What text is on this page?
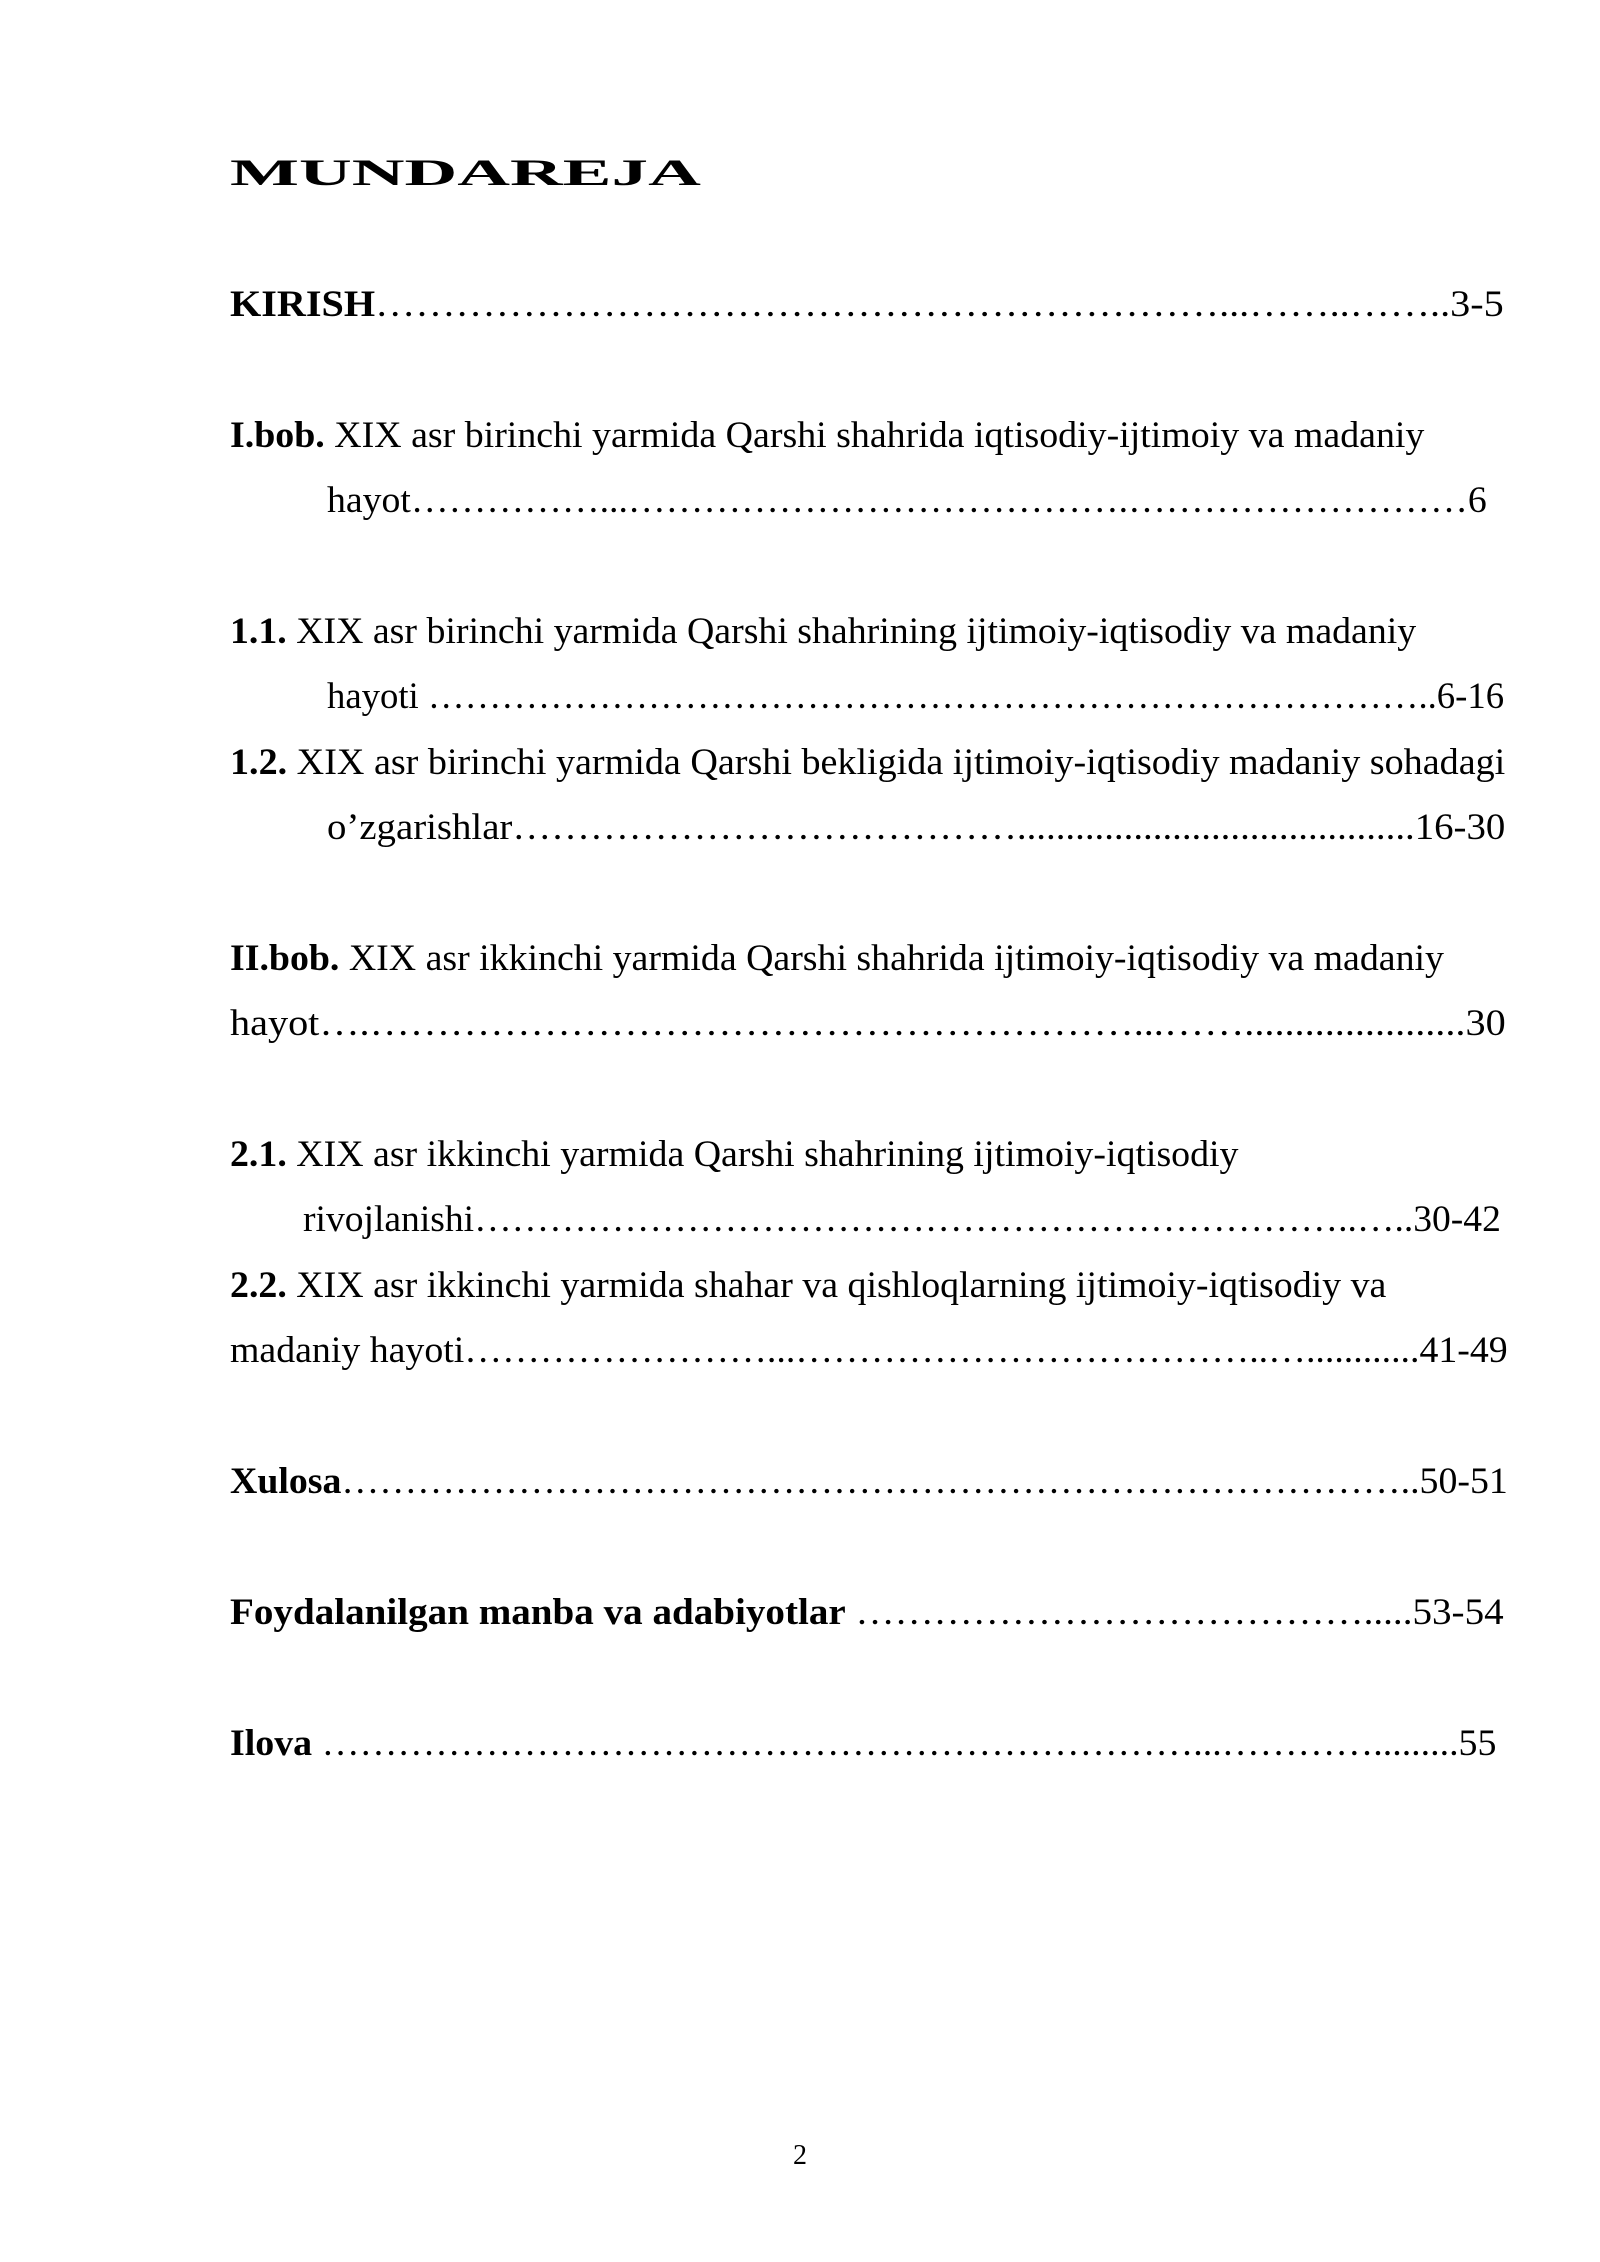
MUNDAREJA
KIRISH………………………………………………………...……..……..3-5
I.bob. XIX asr birinchi yarmida Qarshi shahrida iqtisodiy-ijtimoiy va madaniy
hayot……………...………………………………….………………………6
1.1. XIX asr birinchi yarmida Qarshi shahrining ijtimoiy-iqtisodiy va madaniy
hayoti ………………………………………………………………………..6-16
1.2. XIX asr birinchi yarmida Qarshi bekligida ijtimoiy-iqtisodiy madaniy sohadagi
o’zgarishlar………………………………….........................................16-30
II.bob. XIX asr ikkinchi yarmida Qarshi shahrida ijtimoiy-iqtisodiy va madaniy
hayot….…………………………………………………...……......................30
2.1. XIX asr ikkinchi yarmida Qarshi shahrining ijtimoiy-iqtisodiy
rivojlanishi……………………………………………………………..…..30-42
2.2. XIX asr ikkinchi yarmida shahar va qishloqlarning ijtimoiy-iqtisodiy va
madaniy hayoti……………………...………………………………..…............41-49
Xulosa…………………………………………………………………………..50-51
Foydalanilgan manba va adabiyotlar ………………………………….....53-54
Ilova ……………………………………………………………...………….........55
2
